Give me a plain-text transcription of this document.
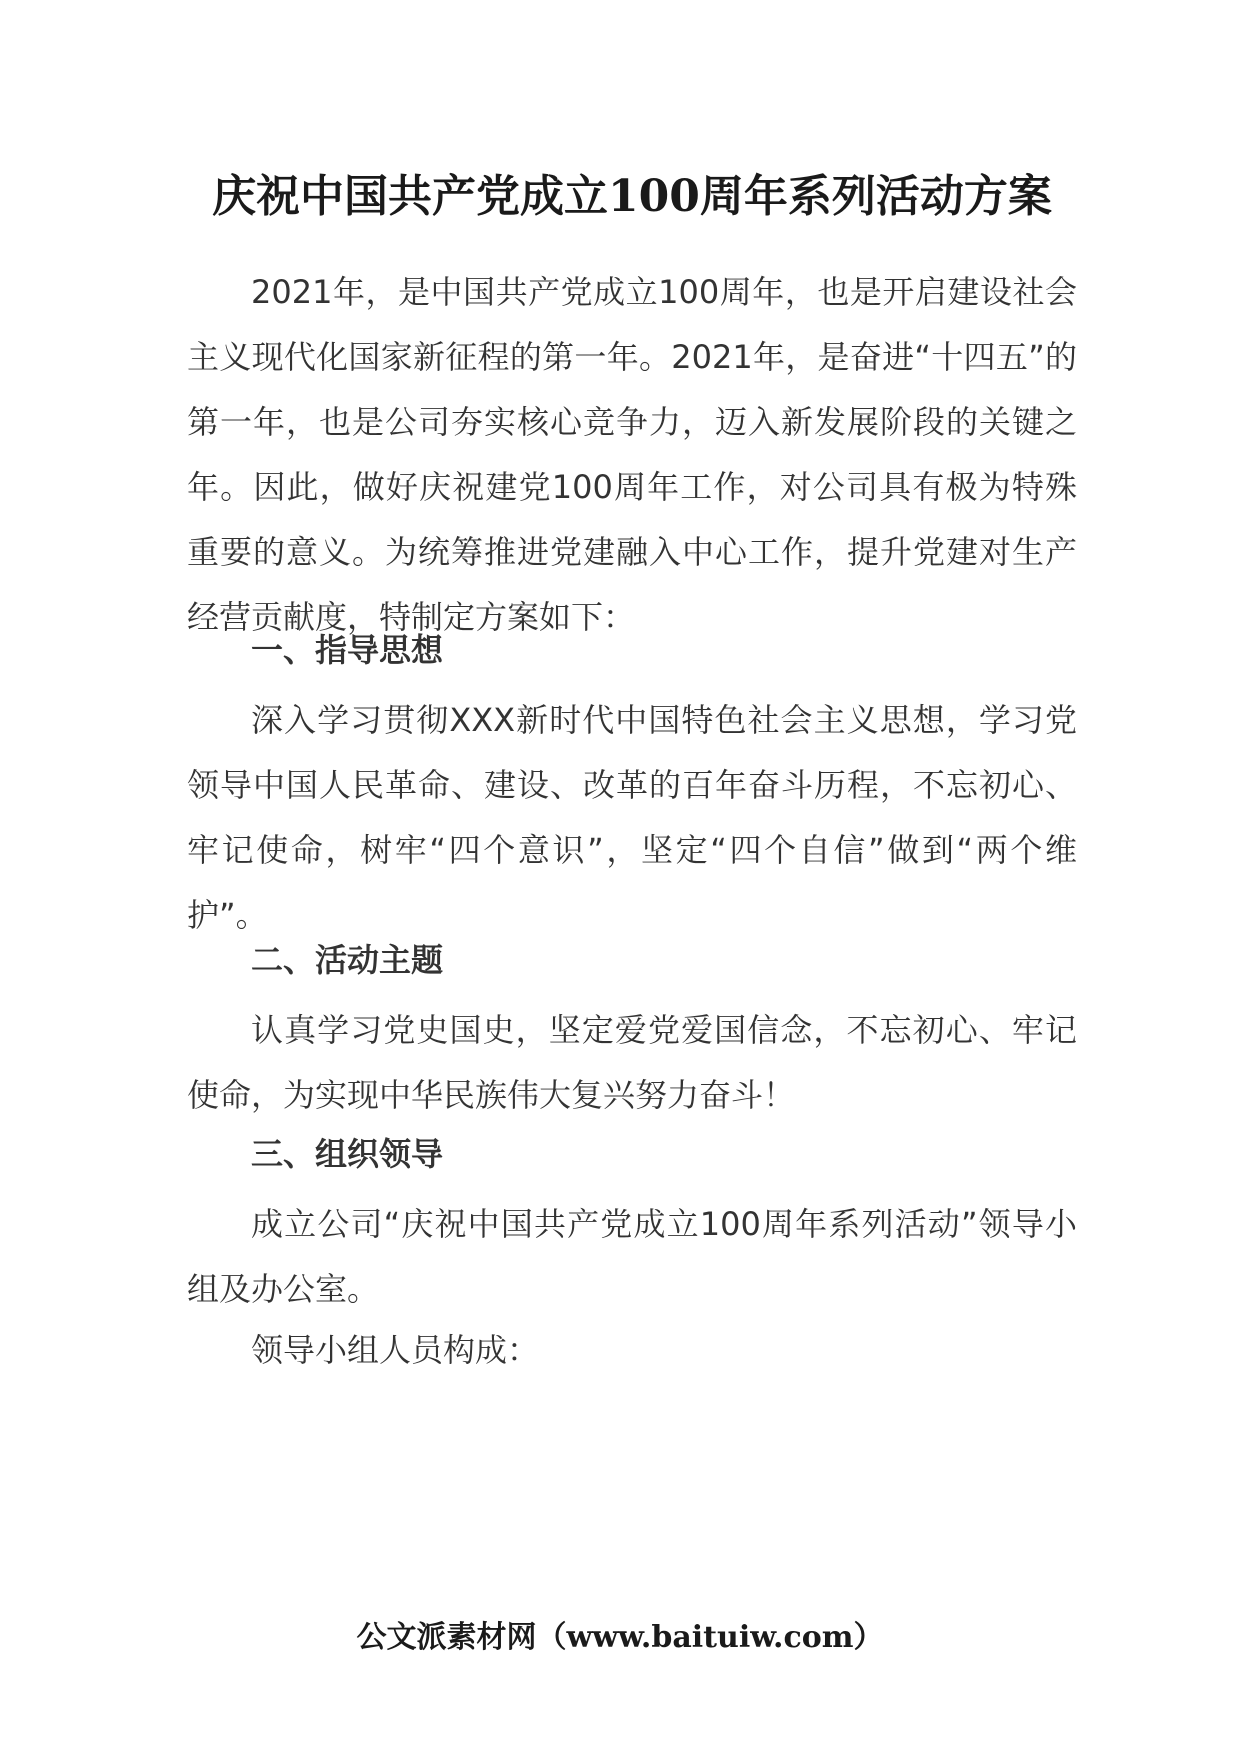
庆祝中国共产党成立100周年系列活动方案

2021年，是中国共产党成立100周年，也是开启建设社会主义现代化国家新征程的第一年。2021年，是奋进“十四五”的第一年，也是公司夯实核心竞争力，迈入新发展阶段的关键之年。因此，做好庆祝建党100周年工作，对公司具有极为特殊重要的意义。为统筹推进党建融入中心工作，提升党建对生产经营贡献度，特制定方案如下：

一、指导思想

深入学习贯彻XXX新时代中国特色社会主义思想，学习党领导中国人民革命、建设、改革的百年奋斗历程，不忘初心、牢记使命，树牢“四个意识”，坚定“四个自信”做到“两个维护”。

二、活动主题

认真学习党史国史，坚定爱党爱国信念，不忘初心、牢记使命，为实现中华民族伟大复兴努力奋斗！

三、组织领导

成立公司“庆祝中国共产党成立100周年系列活动”领导小组及办公室。

领导小组人员构成：

公文派素材网（www.baituiw.com）
